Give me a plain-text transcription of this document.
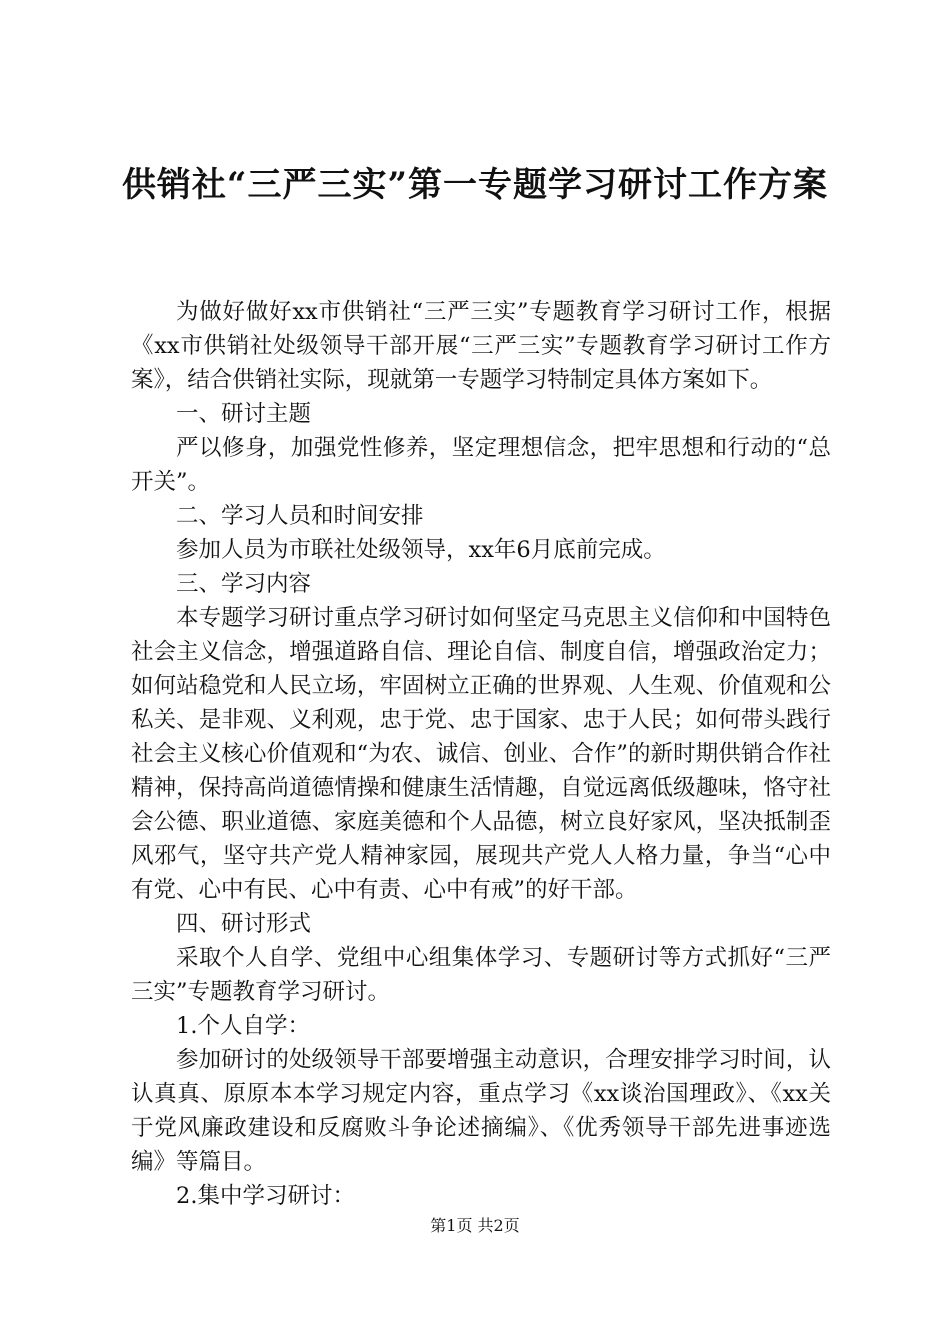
供销社“三严三实”第一专题学习研讨工作方案

为做好做好xx市供销社“三严三实”专题教育学习研讨工作，根据《xx市供销社处级领导干部开展“三严三实”专题教育学习研讨工作方案》，结合供销社实际，现就第一专题学习特制定具体方案如下。

一、研讨主题

严以修身，加强党性修养，坚定理想信念，把牢思想和行动的“总开关”。

二、学习人员和时间安排

参加人员为市联社处级领导，xx年6月底前完成。

三、学习内容

本专题学习研讨重点学习研讨如何坚定马克思主义信仰和中国特色社会主义信念，增强道路自信、理论自信、制度自信，增强政治定力；如何站稳党和人民立场，牢固树立正确的世界观、人生观、价值观和公私关、是非观、义利观，忠于党、忠于国家、忠于人民；如何带头践行社会主义核心价值观和“为农、诚信、创业、合作”的新时期供销合作社精神，保持高尚道德情操和健康生活情趣，自觉远离低级趣味，恪守社会公德、职业道德、家庭美德和个人品德，树立良好家风，坚决抵制歪风邪气，坚守共产党人精神家园，展现共产党人人格力量，争当“心中有党、心中有民、心中有责、心中有戒”的好干部。

四、研讨形式

采取个人自学、党组中心组集体学习、专题研讨等方式抓好“三严三实”专题教育学习研讨。

1.个人自学：

参加研讨的处级领导干部要增强主动意识，合理安排学习时间，认认真真、原原本本学习规定内容，重点学习《xx谈治国理政》、《xx关于党风廉政建设和反腐败斗争论述摘编》、《优秀领导干部先进事迹选编》等篇目。

2.集中学习研讨：

第1页 共2页
